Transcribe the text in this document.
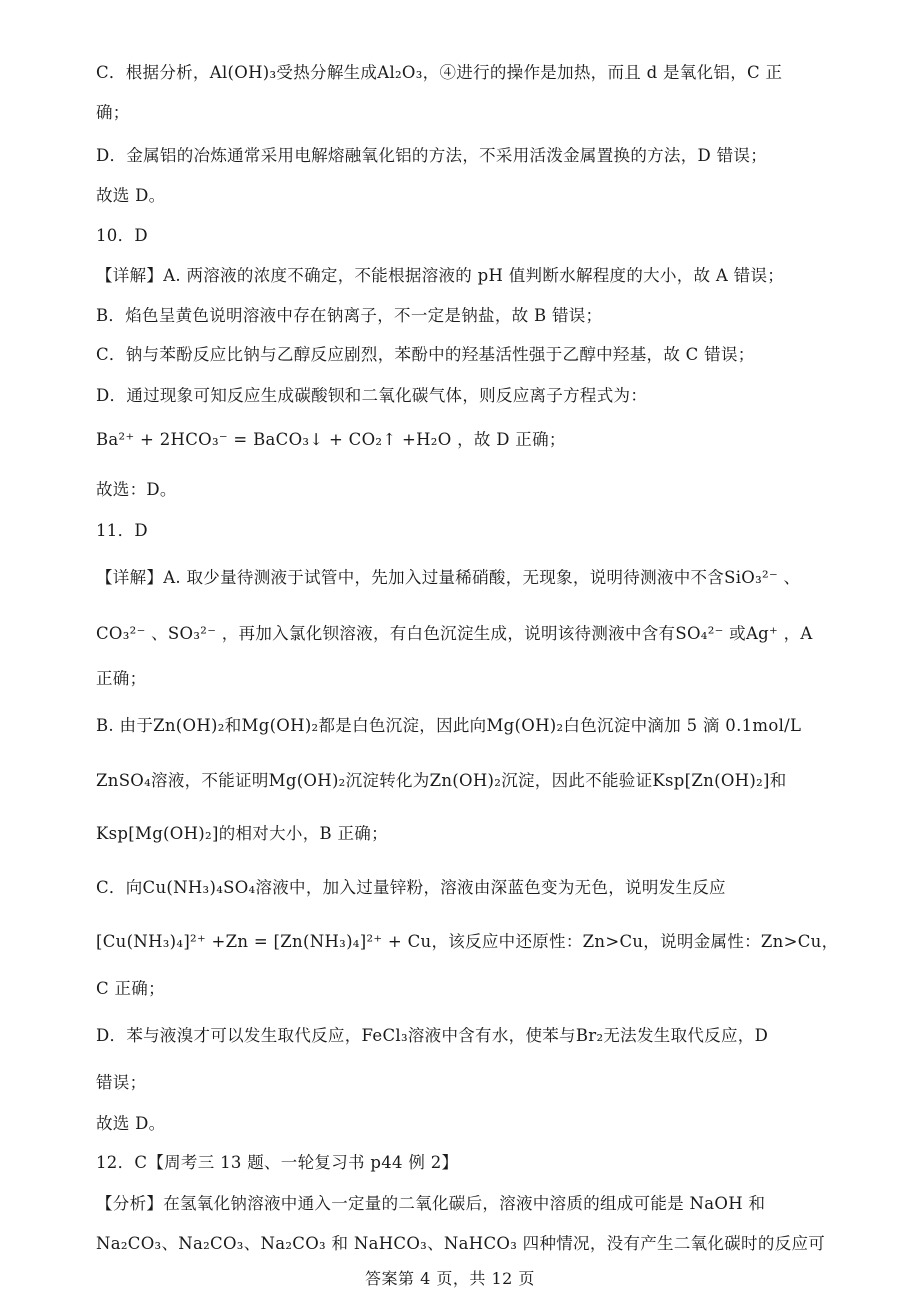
C．根据分析，Al(OH)₃受热分解生成Al₂O₃，④进行的操作是加热，而且 d 是氧化铝，C 正
确；
D．金属铝的冶炼通常采用电解熔融氧化铝的方法，不采用活泼金属置换的方法，D 错误；
故选 D。
10．D
【详解】A. 两溶液的浓度不确定，不能根据溶液的 pH 值判断水解程度的大小，故 A 错误；
B．焰色呈黄色说明溶液中存在钠离子，不一定是钠盐，故 B 错误；
C．钠与苯酚反应比钠与乙醇反应剧烈，苯酚中的羟基活性强于乙醇中羟基，故 C 错误；
D．通过现象可知反应生成碳酸钡和二氧化碳气体，则反应离子方程式为：
Ba²⁺ + 2HCO₃⁻ = BaCO₃↓ + CO₂↑ +H₂O ，故 D 正确；
故选：D。
11．D
【详解】A. 取少量待测液于试管中，先加入过量稀硝酸，无现象，说明待测液中不含SiO₃²⁻ 、
CO₃²⁻ 、SO₃²⁻ ，再加入氯化钡溶液，有白色沉淀生成，说明该待测液中含有SO₄²⁻ 或Ag⁺ ，A
正确；
B. 由于Zn(OH)₂和Mg(OH)₂都是白色沉淀，因此向Mg(OH)₂白色沉淀中滴加 5 滴 0.1mol/L
ZnSO₄溶液，不能证明Mg(OH)₂沉淀转化为Zn(OH)₂沉淀，因此不能验证Ksp[Zn(OH)₂]和
Ksp[Mg(OH)₂]的相对大小，B 正确；
C．向Cu(NH₃)₄SO₄溶液中，加入过量锌粉，溶液由深蓝色变为无色，说明发生反应
[Cu(NH₃)₄]²⁺ +Zn = [Zn(NH₃)₄]²⁺ + Cu，该反应中还原性：Zn>Cu，说明金属性：Zn>Cu，
C 正确；
D．苯与液溴才可以发生取代反应，FeCl₃溶液中含有水，使苯与Br₂无法发生取代反应，D
错误；
故选 D。
12．C【周考三 13 题、一轮复习书 p44 例 2】
【分析】在氢氧化钠溶液中通入一定量的二氧化碳后，溶液中溶质的组成可能是 NaOH 和
Na₂CO₃、Na₂CO₃、Na₂CO₃ 和 NaHCO₃、NaHCO₃ 四种情况，没有产生二氧化碳时的反应可
答案第 4 页，共 12 页
